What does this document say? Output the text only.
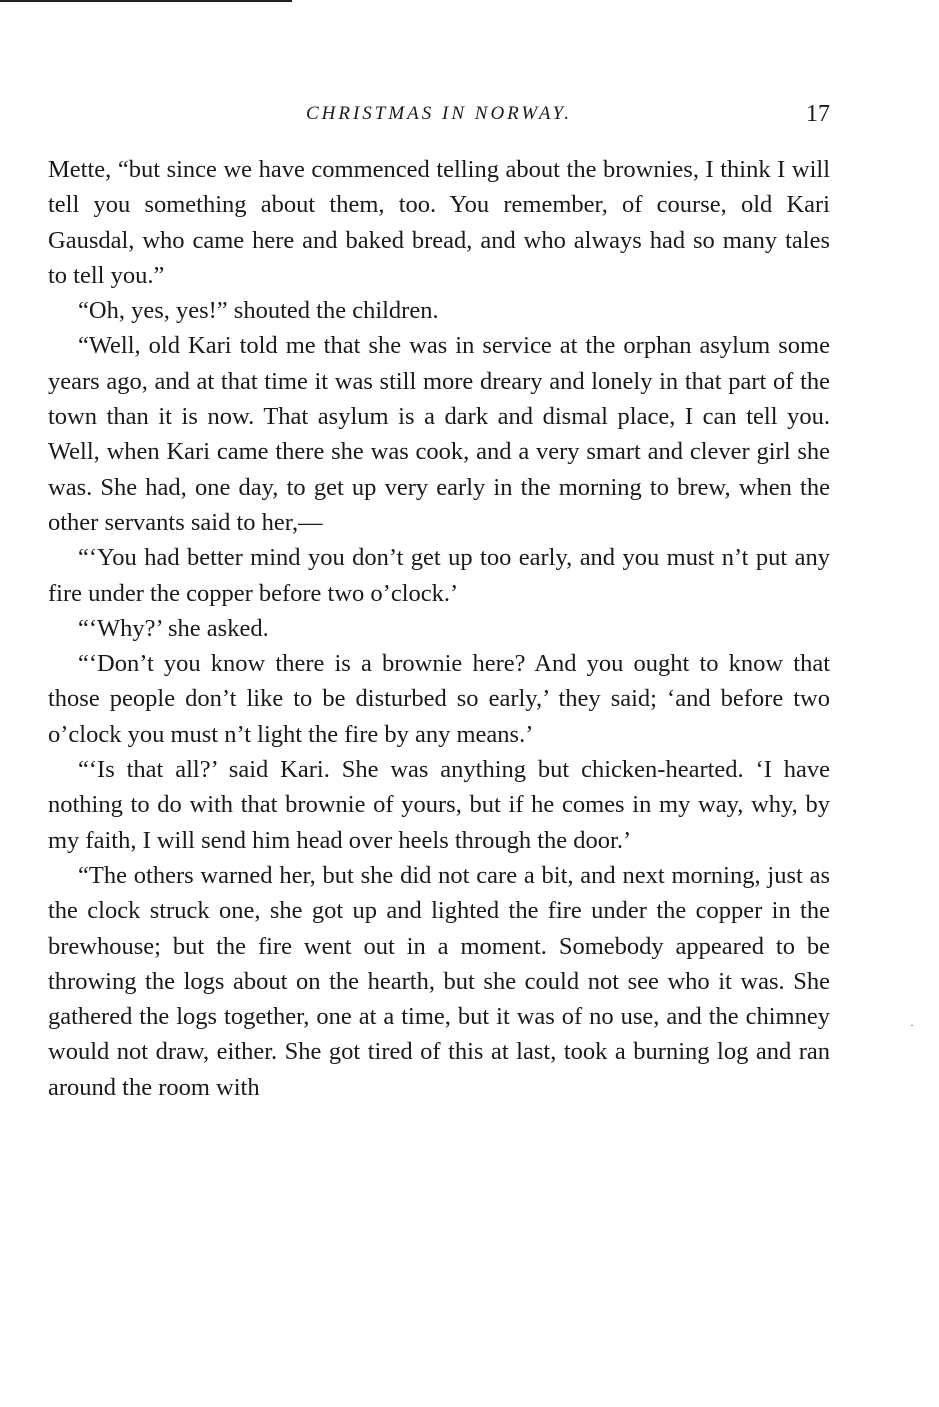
CHRISTMAS IN NORWAY.	17

Mette, “but since we have commenced telling about the brownies, I think I will tell you something about them, too. You remember, of course, old Kari Gausdal, who came here and baked bread, and who always had so many tales to tell you.”

“Oh, yes, yes!” shouted the children.

“Well, old Kari told me that she was in service at the orphan asylum some years ago, and at that time it was still more dreary and lonely in that part of the town than it is now. That asylum is a dark and dismal place, I can tell you. Well, when Kari came there she was cook, and a very smart and clever girl she was. She had, one day, to get up very early in the morning to brew, when the other servants said to her,—

“‘You had better mind you don’t get up too early, and you must n’t put any fire under the copper before two o’clock.’

“‘Why?’ she asked.

“‘Don’t you know there is a brownie here? And you ought to know that those people don’t like to be disturbed so early,’ they said; ‘and before two o’clock you must n’t light the fire by any means.’

“‘Is that all?’ said Kari. She was anything but chicken-hearted. ‘I have nothing to do with that brownie of yours, but if he comes in my way, why, by my faith, I will send him head over heels through the door.’

“The others warned her, but she did not care a bit, and next morning, just as the clock struck one, she got up and lighted the fire under the copper in the brewhouse; but the fire went out in a moment. Somebody appeared to be throwing the logs about on the hearth, but she could not see who it was. She gathered the logs together, one at a time, but it was of no use, and the chimney would not draw, either. She got tired of this at last, took a burning log and ran around the room with

·
